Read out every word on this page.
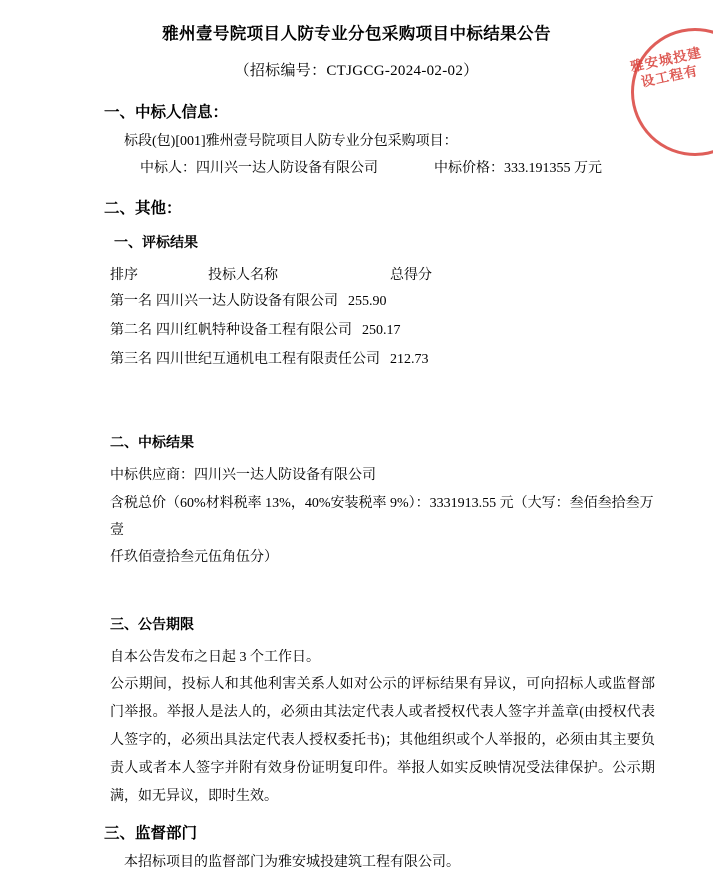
雅安城投建设工程有
雅州壹号院项目人防专业分包采购项目中标结果公告
（招标编号：CTJGCG-2024-02-02）
一、中标人信息：
标段(包)[001]雅州壹号院项目人防专业分包采购项目：
中标人：四川兴一达人防设备有限公司	中标价格：333.191355 万元
二、其他：
一、评标结果
排序	投标人名称	总得分
第一名 四川兴一达人防设备有限公司 255.90
第二名 四川红帆特种设备工程有限公司 250.17
第三名 四川世纪互通机电工程有限责任公司 212.73
二、中标结果
中标供应商：四川兴一达人防设备有限公司
含税总价（60%材料税率 13%，40%安装税率 9%）：3331913.55 元（大写：叁佰叁拾叁万壹
仟玖佰壹拾叁元伍角伍分）
三、公告期限
自本公告发布之日起 3 个工作日。
公示期间，投标人和其他利害关系人如对公示的评标结果有异议，可向招标人或监督部门举报。举报人是法人的，必须由其法定代表人或者授权代表人签字并盖章(由授权代表人签字的，必须出具法定代表人授权委托书)；其他组织或个人举报的，必须由其主要负责人或者本人签字并附有效身份证明复印件。举报人如实反映情况受法律保护。公示期满，如无异议，即时生效。
三、监督部门
本招标项目的监督部门为雅安城投建筑工程有限公司。
